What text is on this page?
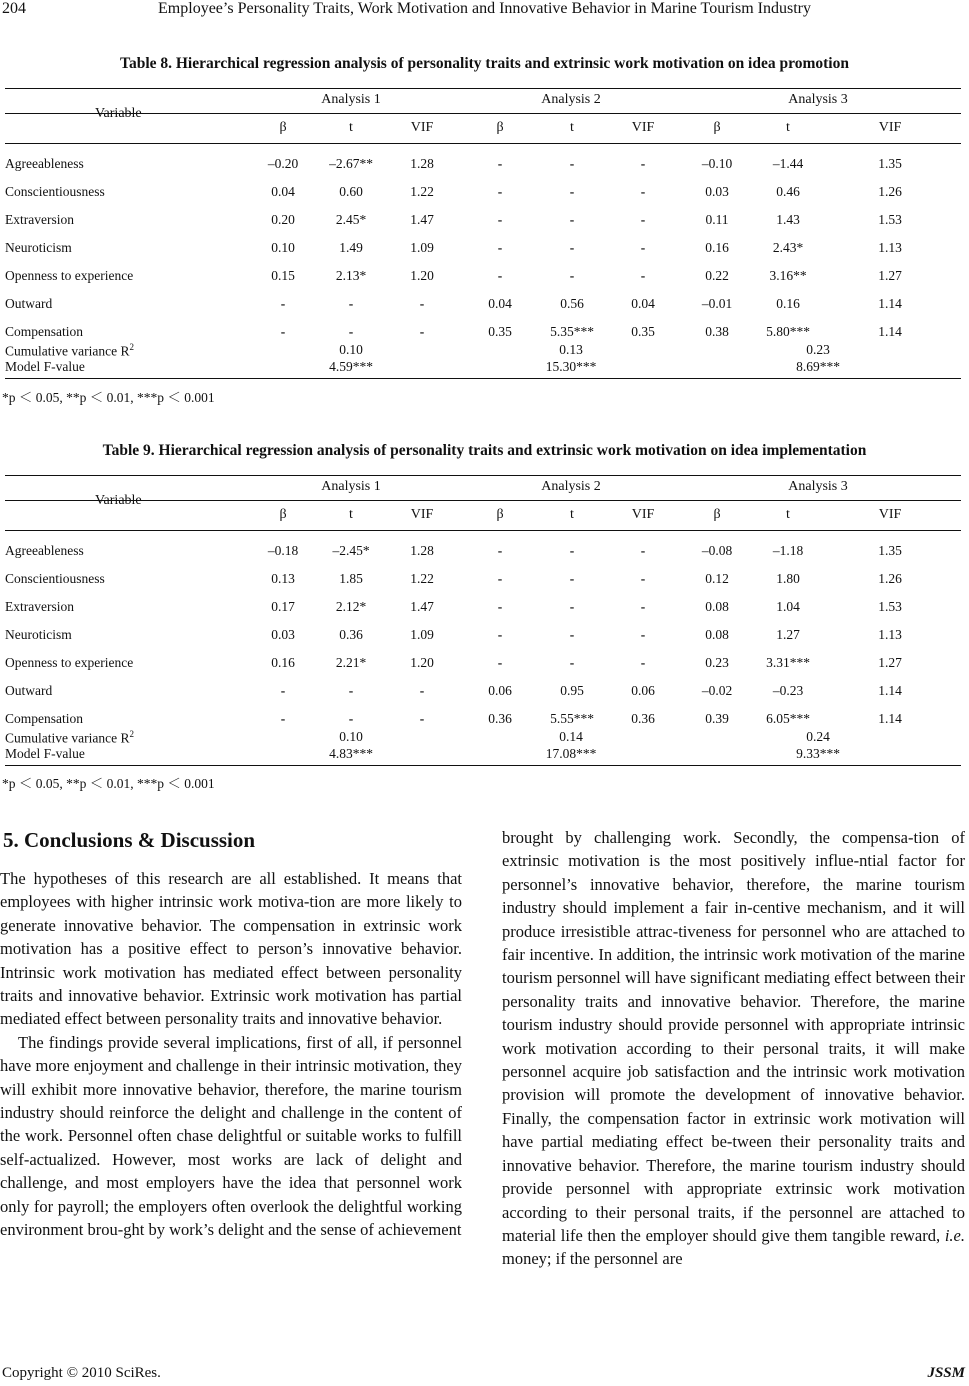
204	Employee’s Personality Traits, Work Motivation and Innovative Behavior in Marine Tourism Industry
Table 8. Hierarchical regression analysis of personality traits and extrinsic work motivation on idea promotion
Variable
Analysis 1	Analysis 2	Analysis 3
β	t	VIF	β	t	VIF	β	t	VIF
Agreeableness	–0.20 –2.67**	1.28	-	-	-	–0.10	–1.44	1.35
Conscientiousness	0.04	0.60	1.22	-	-	-	0.03	0.46	1.26
Extraversion	0.20	2.45*	1.47	-	-	-	0.11	1.43	1.53
Neuroticism	0.10	1.49	1.09	-	-	-	0.16	2.43*	1.13
Openness to experience	0.15	2.13*	1.20	-	-	-	0.22	3.16**	1.27
Outward	-	-	-	0.04	0.56	0.04	–0.01	0.16	1.14
Compensation	-	-	-	0.35	5.35***	0.35	0.38	5.80***	1.14
Cumulative variance $R^2$	0.10	0.13	0.23
Model F-value	4.59***	15.30***	8.69***
*p ＜ 0.05, **p ＜ 0.01, ***p ＜ 0.001
Table 9. Hierarchical regression analysis of personality traits and extrinsic work motivation on idea implementation
Variable
Analysis 1	Analysis 2	Analysis 3
β	t	VIF	β	t	VIF	β	t	VIF
Agreeableness	–0.18	–2.45*	1.28	-	-	-	–0.08	–1.18	1.35
Conscientiousness	0.13	1.85	1.22	-	-	-	0.12	1.80	1.26
Extraversion	0.17	2.12*	1.47	-	-	-	0.08	1.04	1.53
Neuroticism	0.03	0.36	1.09	-	-	-	0.08	1.27	1.13
Openness to experience	0.16	2.21*	1.20	-	-	-	0.23	3.31***	1.27
Outward	-	-	-	0.06	0.95	0.06	–0.02	–0.23	1.14
Compensation	-	-	-	0.36	5.55***	0.36	0.39	6.05***	1.14
Cumulative variance $R^2$	0.10	0.14	0.24
Model F-value	4.83***	17.08***	9.33***
*p ＜ 0.05, **p ＜ 0.01, ***p ＜ 0.001
5. Conclusions & Discussion

The hypotheses of this research are all established. It means that employees with higher intrinsic work motiva-tion are more likely to generate innovative behavior. The compensation in extrinsic work motivation has a positive effect to person’s innovative behavior. Intrinsic work motivation has mediated effect between personality traits and innovative behavior. Extrinsic work motivation has partial mediated effect between personality traits and innovative behavior.

The findings provide several implications, first of all, if personnel have more enjoyment and challenge in their intrinsic motivation, they will exhibit more innovative behavior, therefore, the marine tourism industry should reinforce the delight and challenge in the content of the work. Personnel often chase delightful or suitable works to fulfill self-actualized. However, most works are lack of delight and challenge, and most employers have the idea that personnel work only for payroll; the employers often overlook the delightful working environment brou-ght by work’s delight and the sense of achievement

brought by challenging work. Secondly, the compensa-tion of extrinsic motivation is the most positively influe-ntial factor for personnel’s innovative behavior, therefore, the marine tourism industry should implement a fair in-centive mechanism, and it will produce irresistible attrac-tiveness for personnel who are attached to fair incentive. In addition, the intrinsic work motivation of the marine tourism personnel will have significant mediating effect between their personality traits and innovative behavior. Therefore, the marine tourism industry should provide personnel with appropriate intrinsic work motivation according to their personal traits, it will make personnel acquire job satisfaction and the intrinsic work motivation provision will promote the development of innovative behavior. Finally, the compensation factor in extrinsic work motivation will have partial mediating effect be-tween their personality traits and innovative behavior. Therefore, the marine tourism industry should provide personnel with appropriate extrinsic work motivation according to their personal traits, if the personnel are attached to material life then the employer should give them tangible reward, i.e. money; if the personnel are

Copyright © 2010 SciRes.	JSSM
